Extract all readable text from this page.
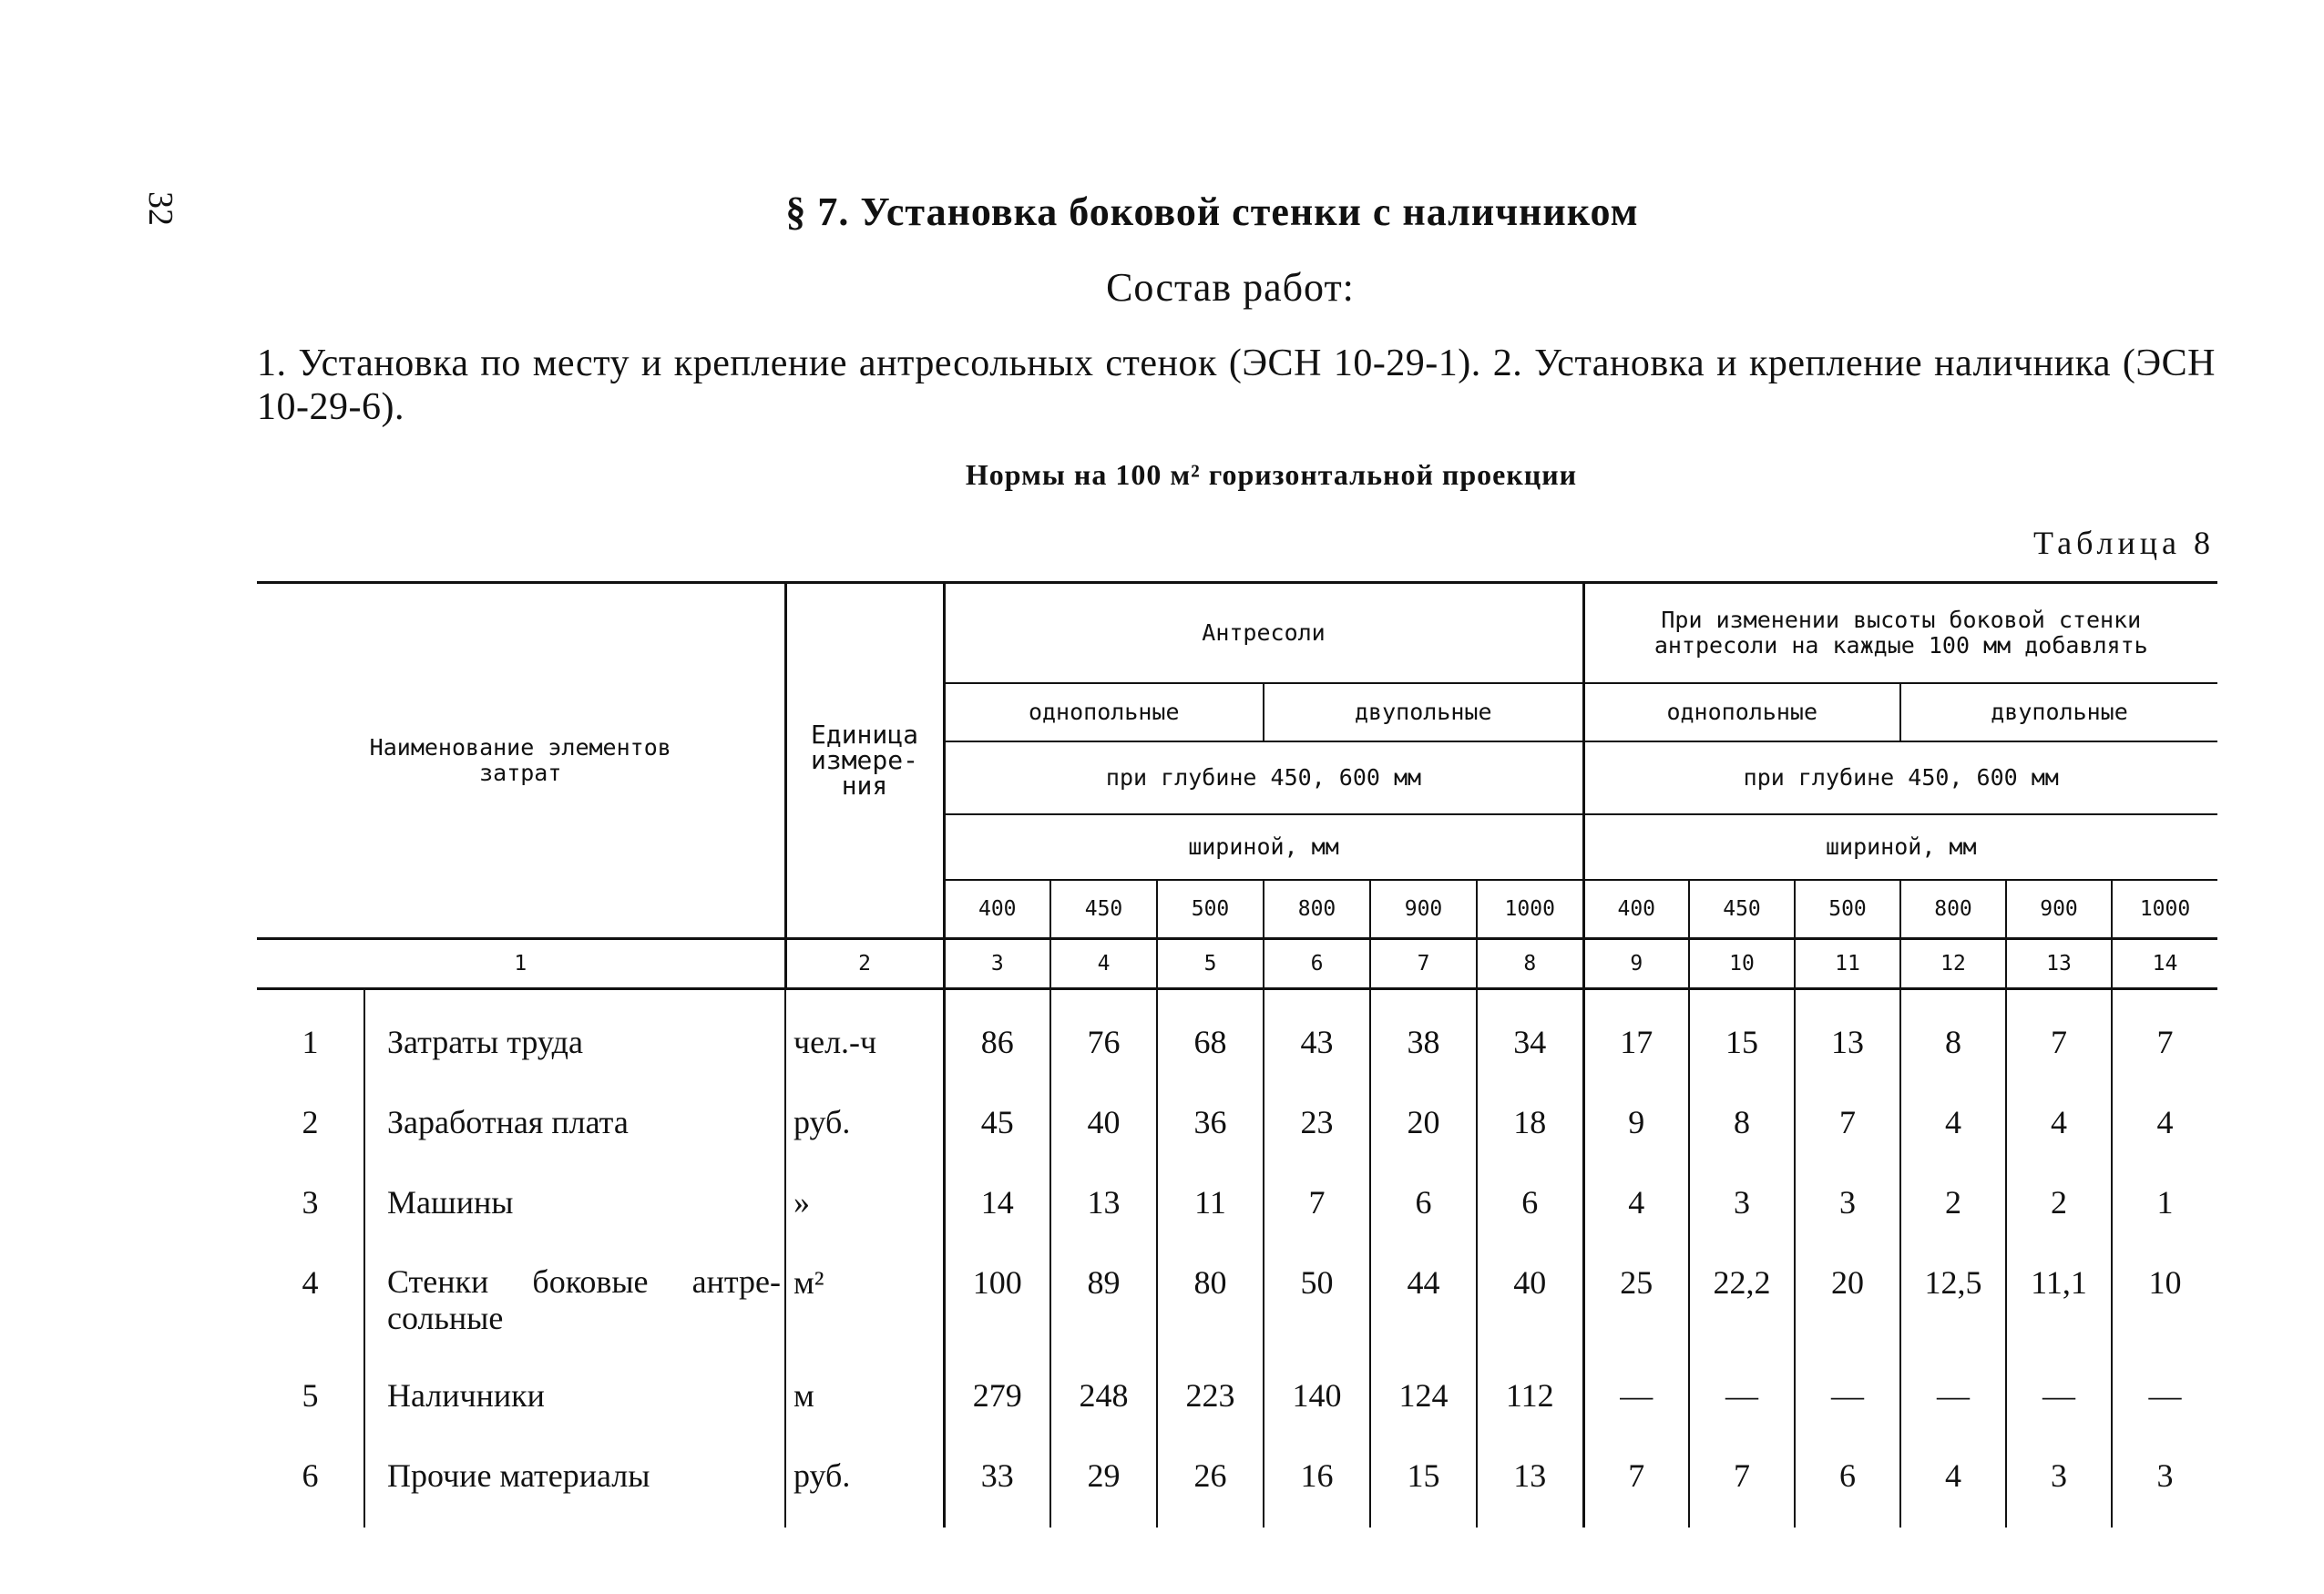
32	§ 7. Установка боковой стенки с наличником
Состав работ:
1. Установка по месту и крепление антресольных стенок (ЭСН 10-29-1). 2. Установка и крепление наличника (ЭСН 10-29-6).
Нормы на 100 м² горизонтальной проекции
Таблица 8
Наименование элементов затрат		Единица измере-ния	Антресоли						При изменении высоты боковой стенки антресоли на каждые 100 мм добавлять					
			однопольные			двупольные			однопольные			двупольные		
			при глубине 450, 600 мм						при глубине 450, 600 мм					
			шириной, мм						шириной, мм					
			400	450	500	800	900	1000	400	450	500	800	900	1000
1		2	3	4	5	6	7	8	9	10	11	12	13	14
1	Затраты труда	чел.-ч	86	76	68	43	38	34	17	15	13	8	7	7
2	Заработная плата	руб.	45	40	36	23	20	18	9	8	7	4	4	4
3	Машины	»	14	13	11	7	6	6	4	3	3	2	2	1
4	Стенки боковые антре-сольные	м²	100	89	80	50	44	40	25	22,2	20	12,5	11,1	10
5	Наличники	м	279	248	223	140	124	112	—	—	—	—	—	—
6	Прочие материалы	руб.	33	29	26	16	15	13	7	7	6	4	3	3
